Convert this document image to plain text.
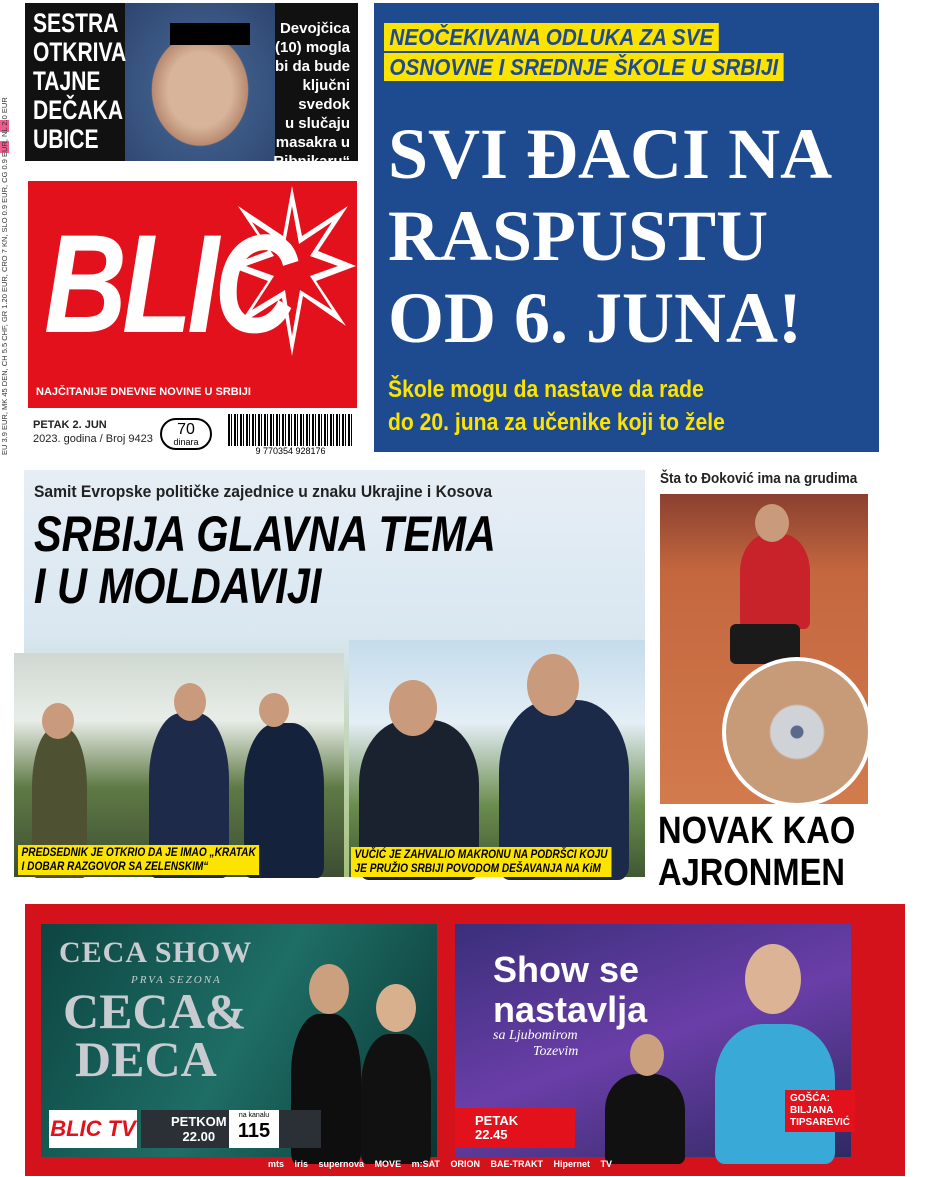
EU 3.9 EUR, MK 45 DEN, CH 5.5 CHF, GR 1.20 EUR, CRO 7 KN, SLO 0.9 EUR, CG 0.9 EUR, NL 2.0 EUR
SESTRA
OTKRIVA
TAJNE
DEČAKA
UBICE
Devojčica
(10) mogla
bi da bude
ključni svedok
u slučaju
masakra u
„Ribnikaru“
BLIC
NAJČITANIJE DNEVNE NOVINE U SRBIJI
PETAK 2. JUN
2023. godina / Broj 9423
70
dinara
9 770354 928176
NEOČEKIVANA ODLUKA ZA SVE
OSNOVNE I SREDNJE ŠKOLE U SRBIJI
SVI ĐACI NA
RASPUSTU
OD 6. JUNA!
Škole mogu da nastave da rade
do 20. juna za učenike koji to žele
Samit Evropske političke zajednice u znaku Ukrajine i Kosova
SRBIJA GLAVNA TEMA
I U MOLDAVIJI
PREDSEDNIK JE OTKRIO DA JE IMAO „KRATAK
I DOBAR RAZGOVOR SA ZELENSKIM“
VUČIĆ JE ZAHVALIO MAKRONU NA PODRŠCI KOJU
JE PRUŽIO SRBIJI POVODOM DEŠAVANJA NA KiM
Šta to Đoković ima na grudima
NOVAK KAO
AJRONMEN
CECA SHOW
PRVA SEZONA
CECA&
DECA
BLIC TV	PETKOM
22.00
na kanalu
115
Show se
nastavlja
sa Ljubomirom
Tozevim
PETAK
22.45
GOŠĆA:
BILJANA
TIPSAREVIĆ
mts iris supernova MOVE m:SAT ORION BAE-TRAKT Hipernet TV
